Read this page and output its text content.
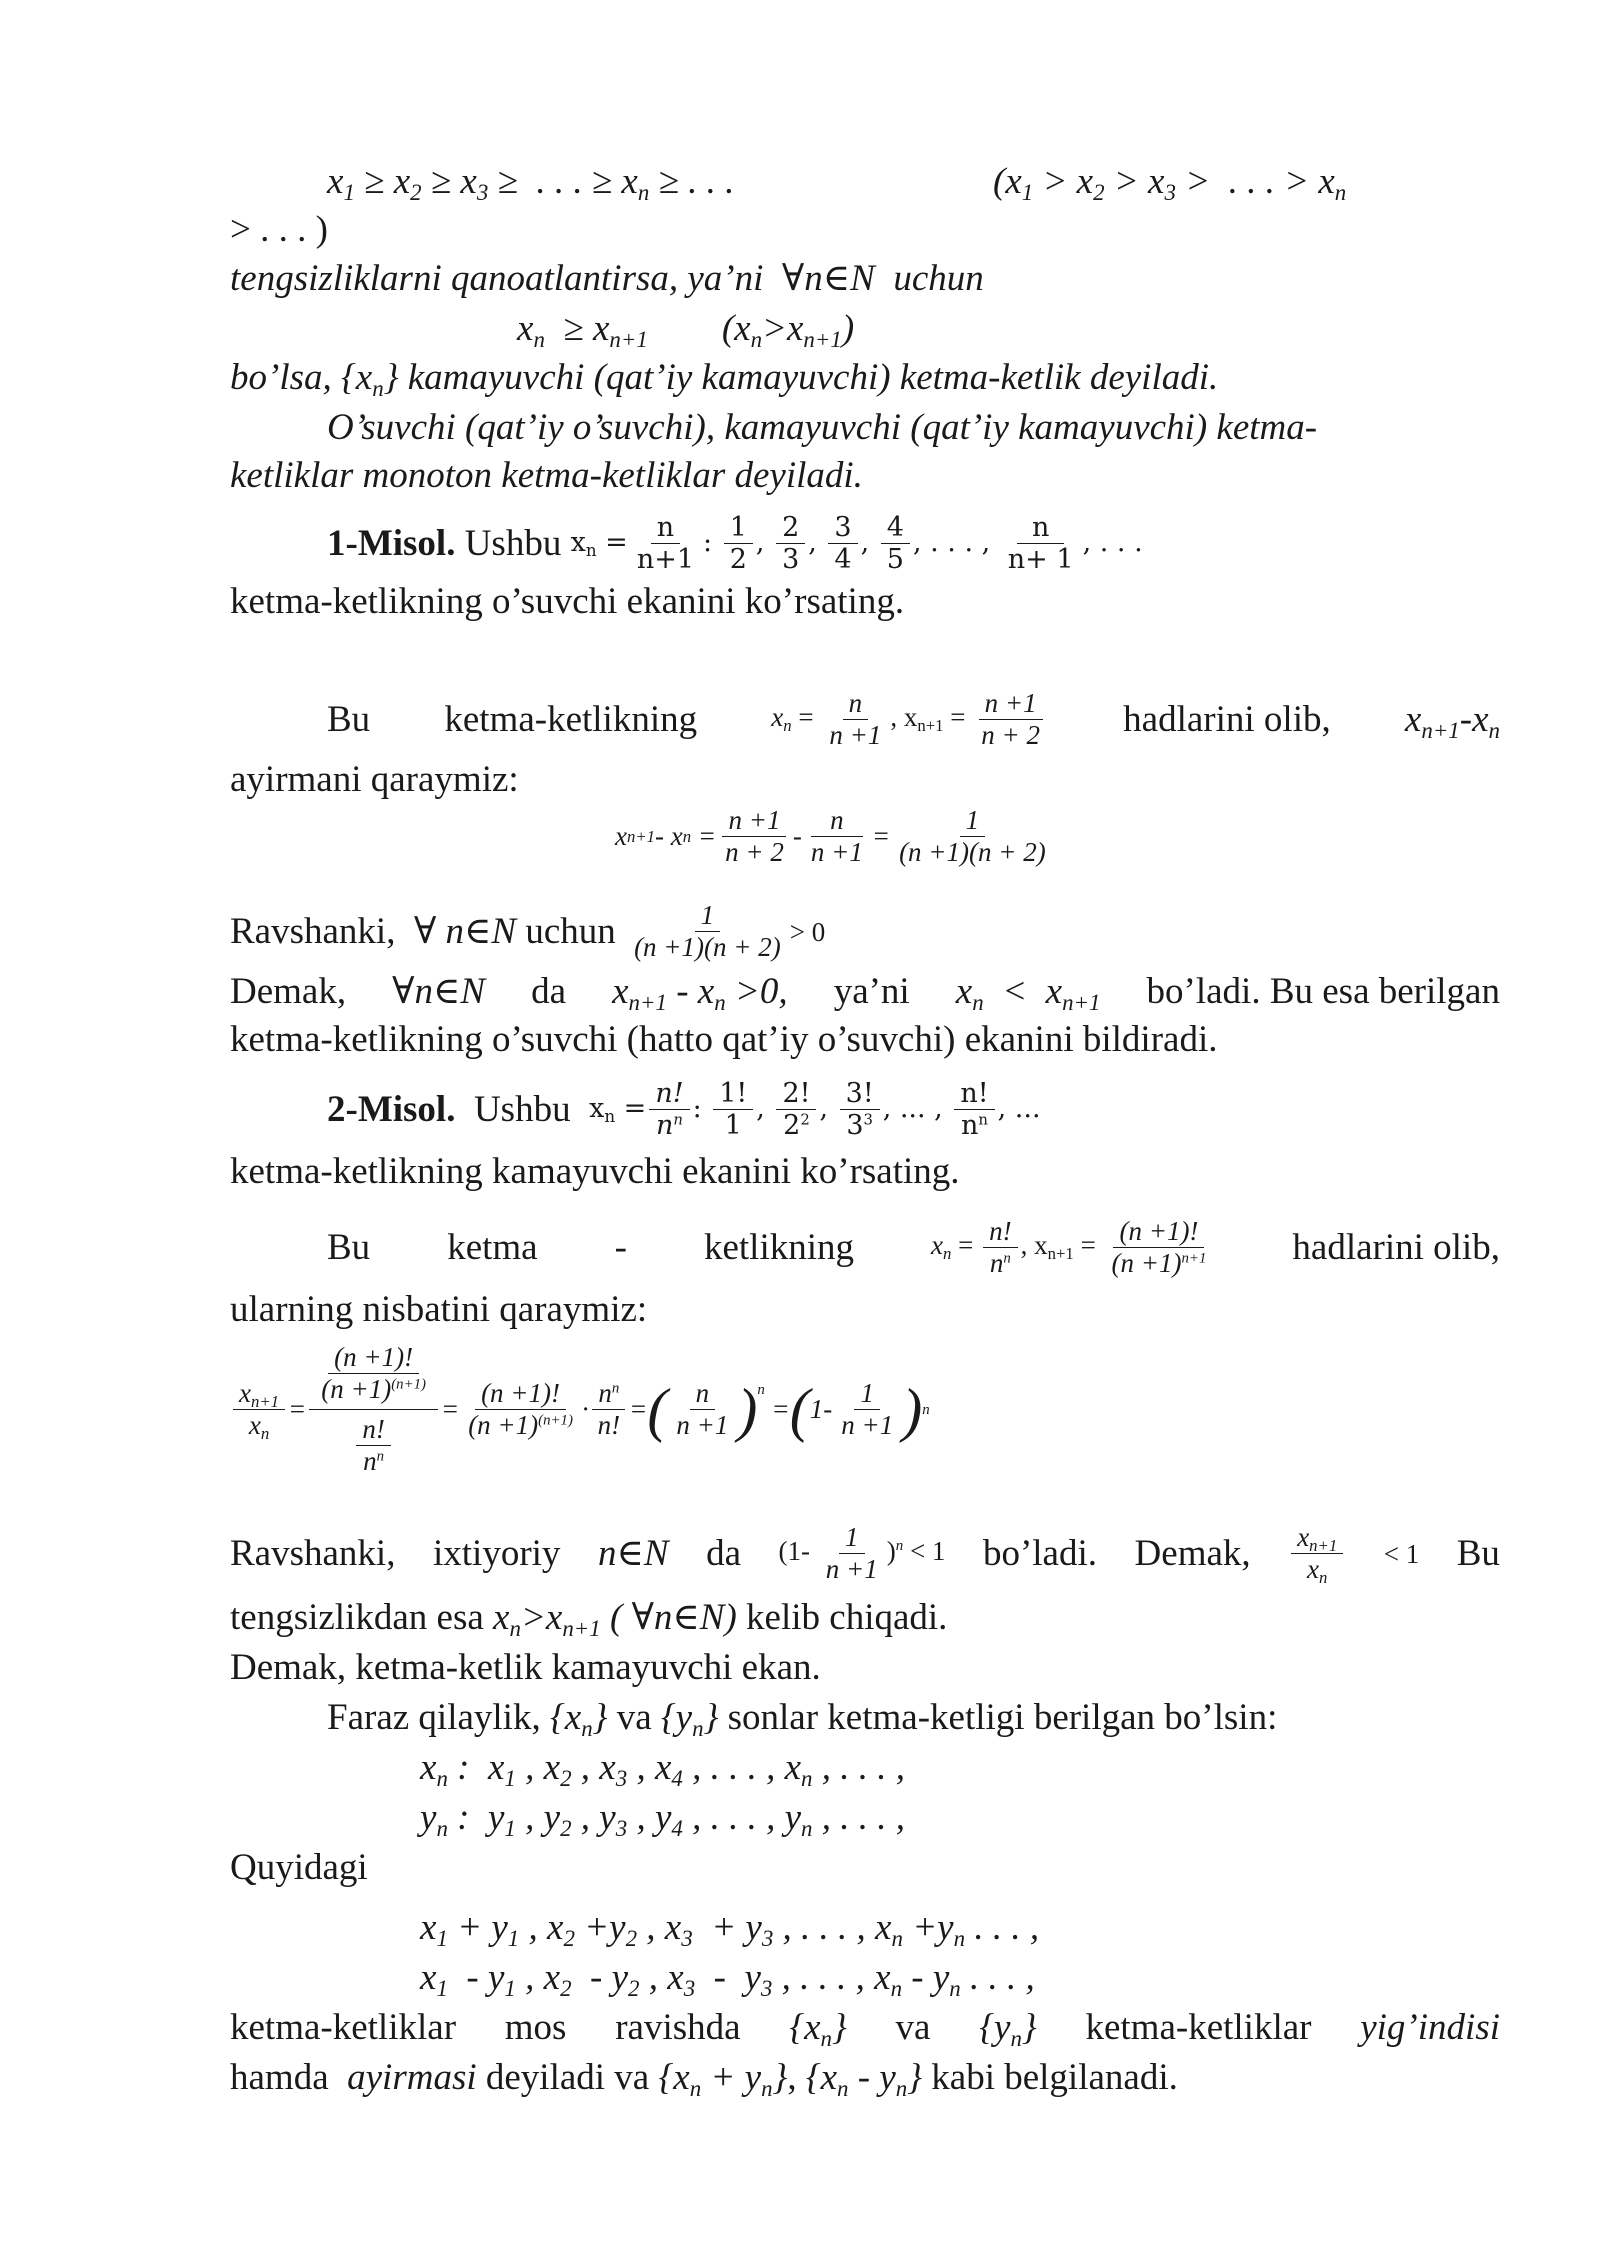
$x_1 \ge x_2 \ge x_3$ ≥  . . . ≥ $x_n$ ≥ . . .	($x_1 > x_2 > x_3$ >  . . . > $x_n$
> . . . )
tengsizliklarni qanoatlantirsa, ya’ni  ∀n∈N  uchun
$x_n \ge x_{n+1}$        $(x_n>x_{n+1})$
bo’lsa, $\{x_n\}$ kamayuvchi (qat’iy kamayuvchi) ketma-ketlik deyiladi.
O’suvchi (qat’iy o’suvchi), kamayuvchi (qat’iy kamayuvchi) ketma-
ketliklar monoton ketma-ketliklar deyiladi.
1-Misol.
Ushbu
$x_n = \frac{n}{n+1}$ : $\frac{1}{2}$ , $\frac{2}{3}$ , $\frac{3}{4}$ , $\frac{4}{5}$ , . . . , $\frac{n}{n+ 1}$ , . . .
ketma-ketlikning o’suvchi ekanini ko’rsating.
Bu ketma-ketlikning	$x_n = \frac{n}{n +1}$ , $x_{n+1} = \frac{n +1}{n + 2}$ hadlarini olib, $x_{n+1}-x_n$
ayirmani qaraymiz:
x n+1 - x n =
n +1
n + 2
-
n
n +1
=
1
(n +1)(n + 2)
Ravshanki, ∀ n∈N
uchun
$\frac{1}{(n +1)(n + 2)} > 0$
Demak, ∀n∈N da $x_{n+1} - x_n >0$, ya’ni $x_n < x_{n+1}$ bo’ladi. Bu esa berilgan
ketma-ketlikning o’suvchi (hatto qat’iy o’suvchi) ekanini bildiradi.
2-Misol.
Ushbu
$x_n = \frac{n!}{n^n}$ : $\frac{1!}{1}$ , $\frac{2!}{2^2}$ , $\frac{3!}{3^3}$ , ... , $\frac{n!}{n^n}$ , ...
ketma-ketlikning kamayuvchi ekanini ko’rsating.
Bu ketma - ketlikning	$x_n = \frac{n!}{n^n}$ , $x_{n+1} = \frac{(n +1)!}{(n +1)^{n+1}}$ hadlarini olib,
ularning nisbatini qaraymiz:
$x_{n+1}$
$x_n$
=
$\frac{(n +1)!}{(n +1)^{(n+1)}}$
$\frac{n!}{n^n}$
=
(n +1)!
$(n +1)^{(n+1)}$ ·
$n^n$
n!
= ( n
n +1 ) n
= ( 1-
1
n +1 ) n
Ravshanki, ixtiyoriy n∈N da $(1- \frac{1}{n +1} )^n < 1$ bo’ladi. Demak, $\frac{x_{n+1}}{x_n} < 1$ Bu
tengsizlikdan esa $x_n>x_{n+1}$ ( ∀n∈N) kelib chiqadi.
Demak, ketma-ketlik kamayuvchi ekan.
Faraz qilaylik, $\{x_n\}$ va $\{y_n\}$ sonlar ketma-ketligi berilgan bo’lsin:
$x_n$ :  $x_1$ , $x_2$ , $x_3$ , $x_4$ , . . . , $x_n$ , . . . ,
$y_n$ :  $y_1$ , $y_2$ , $y_3$ , $y_4$ , . . . , $y_n$ , . . . ,
Quyidagi
$x_1 + y_1$ , $x_2 +y_2$ , $x_3 + y_3$ , . . . , $x_n +y_n$ . . . ,
$x_1 - y_1$ , $x_2 - y_2$ , $x_3 - y_3$ , . . . , $x_n - y_n$ . . . ,
ketma-ketliklar mos ravishda $\{x_n\}$ va $\{y_n\}$ ketma-ketliklar yig’indisi
hamda ayirmasi deyiladi va $\{x_n + y_n\}$, $\{x_n - y_n\}$ kabi belgilanadi.
